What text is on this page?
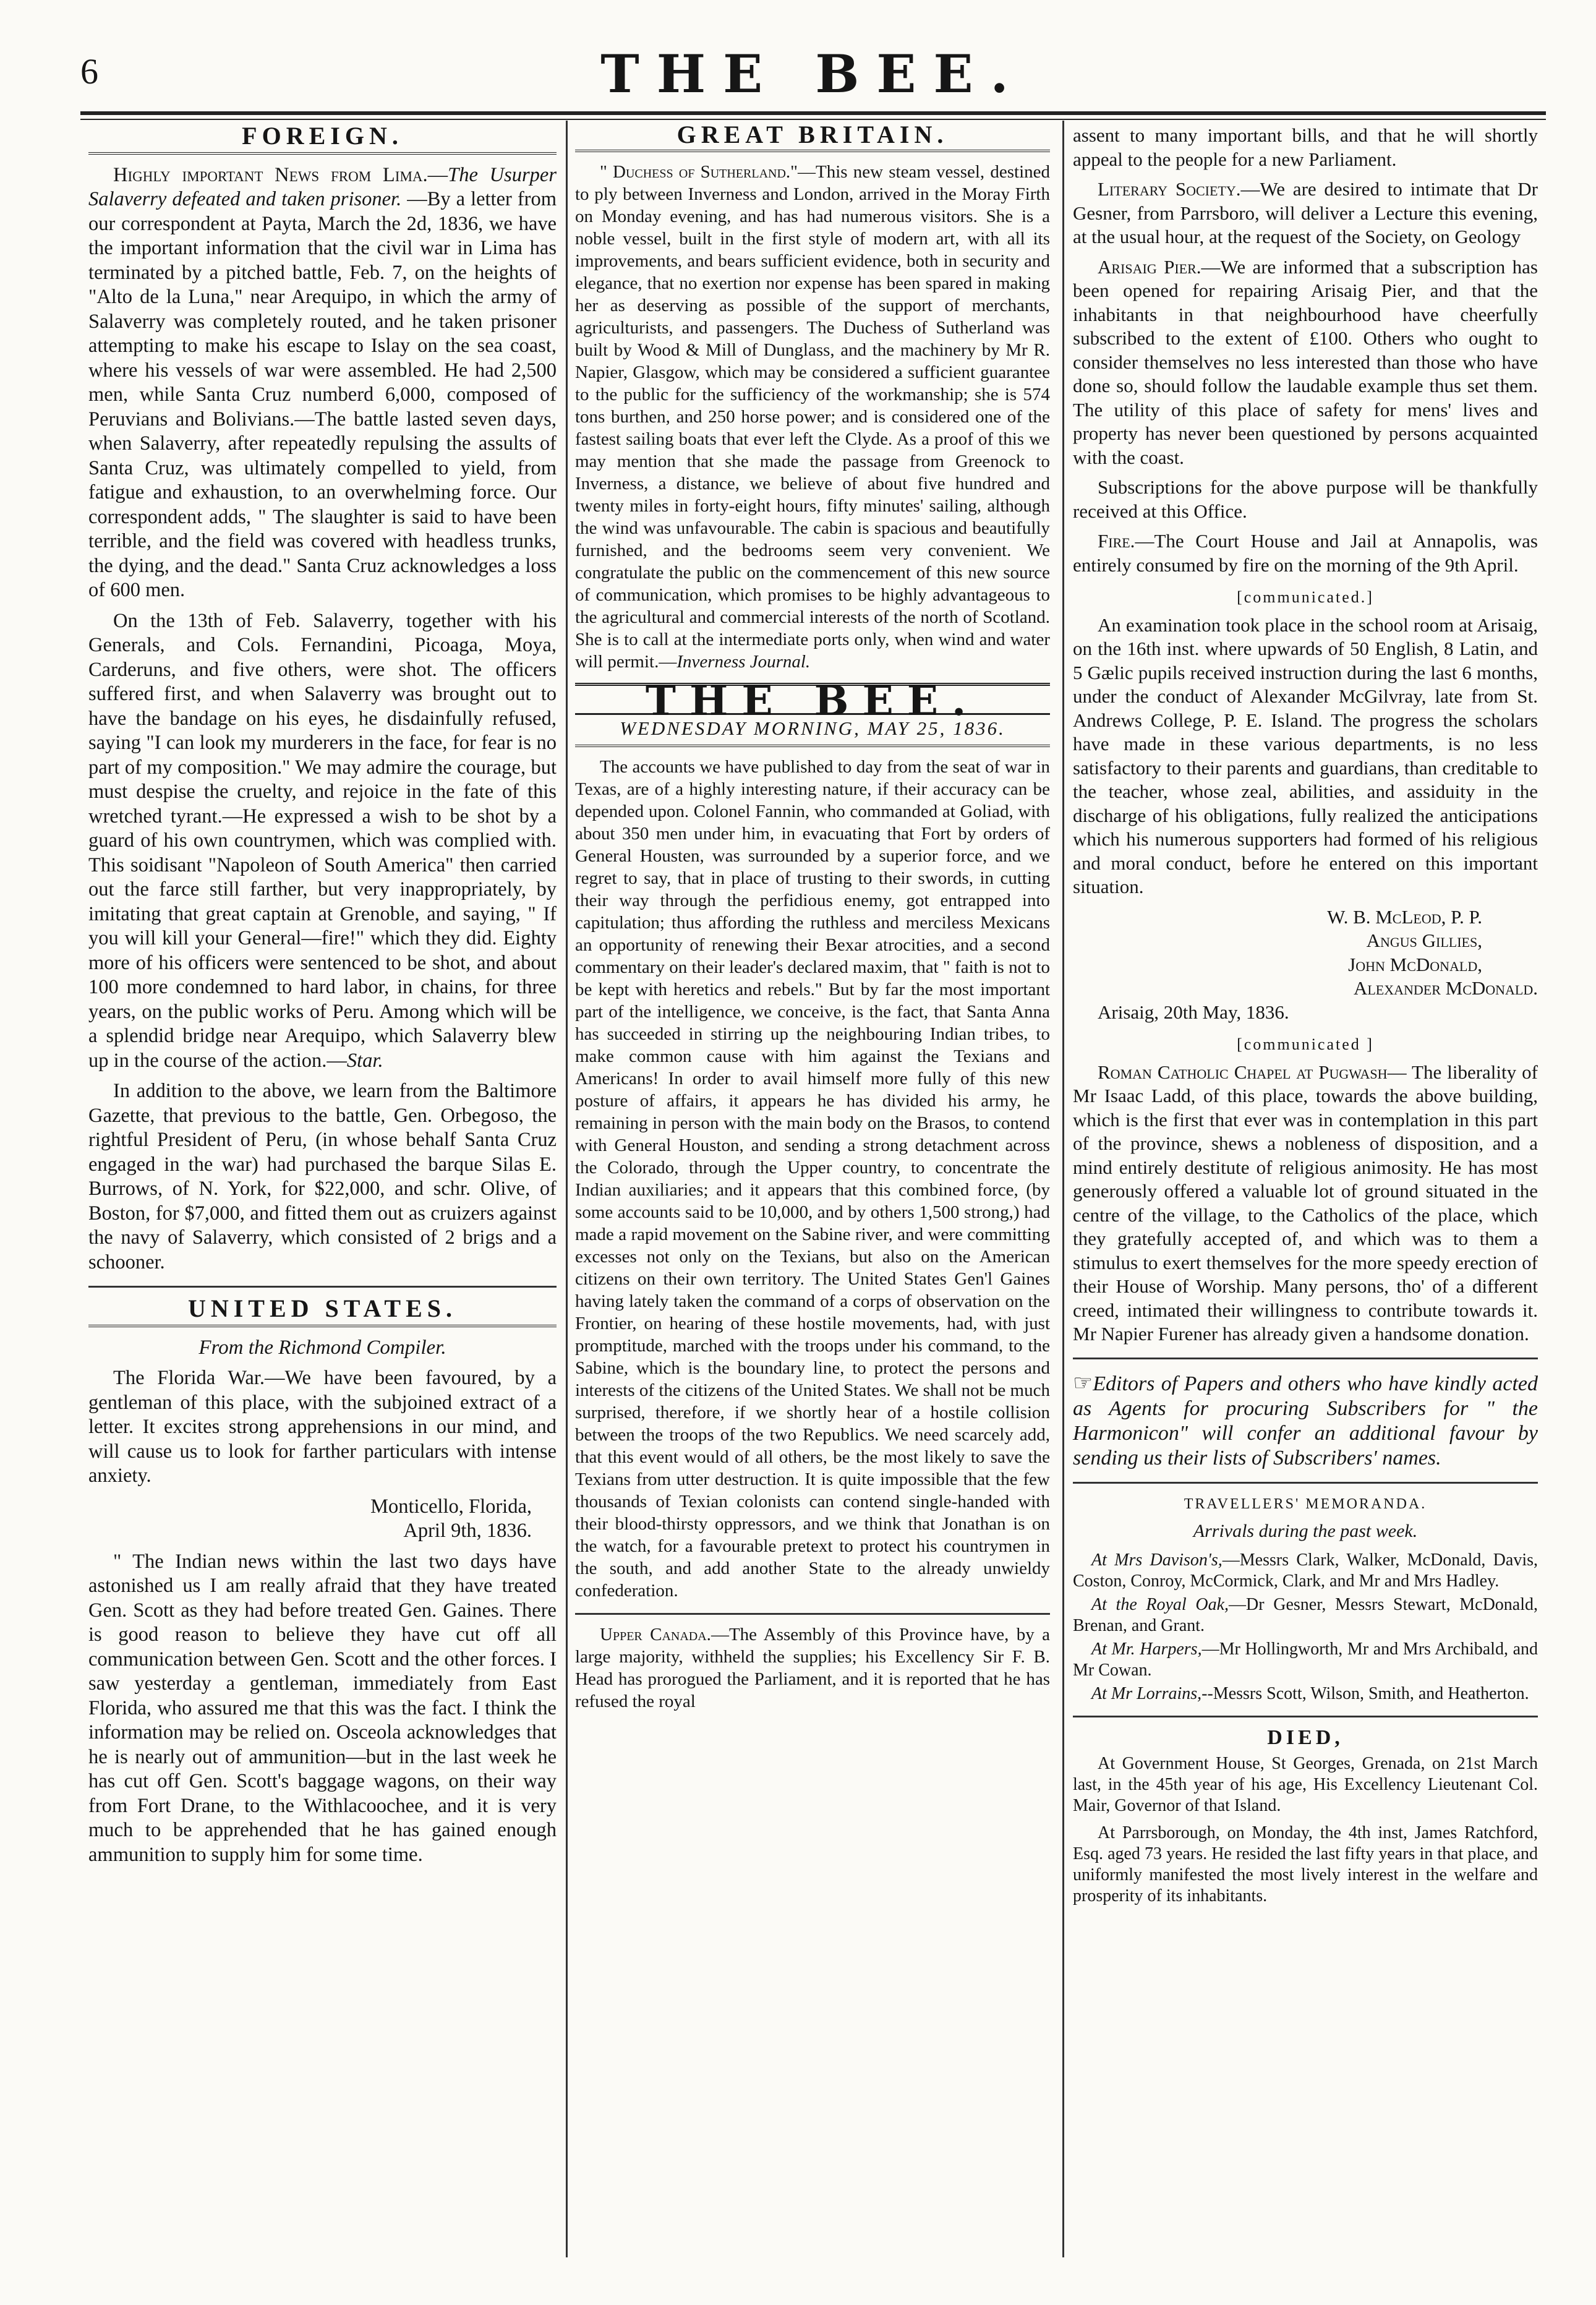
6	THE BEE.
FOREIGN.

Highly important News from Lima.—The Usurper Salaverry defeated and taken prisoner. —By a letter from our correspondent at Payta, March the 2d, 1836, we have the important information that the civil war in Lima has terminated by a pitched battle, Feb. 7, on the heights of "Alto de la Luna," near Arequipo, in which the army of Salaverry was completely routed, and he taken prisoner attempting to make his escape to Islay on the sea coast, where his vessels of war were assembled. He had 2,500 men, while Santa Cruz numberd 6,000, composed of Peruvians and Bolivians.—The battle lasted seven days, when Salaverry, after repeatedly repulsing the assults of Santa Cruz, was ultimately compelled to yield, from fatigue and exhaustion, to an overwhelming force. Our correspondent adds, " The slaughter is said to have been terrible, and the field was covered with headless trunks, the dying, and the dead." Santa Cruz acknowledges a loss of 600 men.

On the 13th of Feb. Salaverry, together with his Generals, and Cols. Fernandini, Picoaga, Moya, Carderuns, and five others, were shot. The officers suffered first, and when Salaverry was brought out to have the bandage on his eyes, he disdainfully refused, saying "I can look my murderers in the face, for fear is no part of my composition." We may admire the courage, but must despise the cruelty, and rejoice in the fate of this wretched tyrant.—He expressed a wish to be shot by a guard of his own countrymen, which was complied with. This soidisant "Napoleon of South America" then carried out the farce still farther, but very inappropriately, by imitating that great captain at Grenoble, and saying, " If you will kill your General—fire!" which they did. Eighty more of his officers were sentenced to be shot, and about 100 more condemned to hard labor, in chains, for three years, on the public works of Peru. Among which will be a splendid bridge near Arequipo, which Salaverry blew up in the course of the action.—Star.

In addition to the above, we learn from the Baltimore Gazette, that previous to the battle, Gen. Orbegoso, the rightful President of Peru, (in whose behalf Santa Cruz engaged in the war) had purchased the barque Silas E. Burrows, of N. York, for $22,000, and schr. Olive, of Boston, for $7,000, and fitted them out as cruizers against the navy of Salaverry, which consisted of 2 brigs and a schooner.

UNITED STATES.
From the Richmond Compiler.

The Florida War.—We have been favoured, by a gentleman of this place, with the subjoined extract of a letter. It excites strong apprehensions in our mind, and will cause us to look for farther particulars with intense anxiety.

Monticello, Florida,

April 9th, 1836.

" The Indian news within the last two days have astonished us I am really afraid that they have treated Gen. Scott as they had before treated Gen. Gaines. There is good reason to believe they have cut off all communication between Gen. Scott and the other forces. I saw yesterday a gentleman, immediately from East Florida, who assured me that this was the fact. I think the information may be relied on. Osceola acknowledges that he is nearly out of ammunition—but in the last week he has cut off Gen. Scott's baggage wagons, on their way from Fort Drane, to the Withlacoochee, and it is very much to be apprehended that he has gained enough ammunition to supply him for some time.

GREAT BRITAIN.

" Duchess of Sutherland."—This new steam vessel, destined to ply between Inverness and London, arrived in the Moray Firth on Monday evening, and has had numerous visitors. She is a noble vessel, built in the first style of modern art, with all its improvements, and bears sufficient evidence, both in security and elegance, that no exertion nor expense has been spared in making her as deserving as possible of the support of merchants, agriculturists, and passengers. The Duchess of Sutherland was built by Wood & Mill of Dunglass, and the machinery by Mr R. Napier, Glasgow, which may be considered a sufficient guarantee to the public for the sufficiency of the workmanship; she is 574 tons burthen, and 250 horse power; and is considered one of the fastest sailing boats that ever left the Clyde. As a proof of this we may mention that she made the passage from Greenock to Inverness, a distance, we believe of about five hundred and twenty miles in forty-eight hours, fifty minutes' sailing, although the wind was unfavourable. The cabin is spacious and beautifully furnished, and the bedrooms seem very convenient. We congratulate the public on the commencement of this new source of communication, which promises to be highly advantageous to the agricultural and commercial interests of the north of Scotland. She is to call at the intermediate ports only, when wind and water will permit.—Inverness Journal.

THE BEE.
WEDNESDAY MORNING, MAY 25, 1836.

The accounts we have published to day from the seat of war in Texas, are of a highly interesting nature, if their accuracy can be depended upon. Colonel Fannin, who commanded at Goliad, with about 350 men under him, in evacuating that Fort by orders of General Housten, was surrounded by a superior force, and we regret to say, that in place of trusting to their swords, in cutting their way through the perfidious enemy, got entrapped into capitulation; thus affording the ruthless and merciless Mexicans an opportunity of renewing their Bexar atrocities, and a second commentary on their leader's declared maxim, that " faith is not to be kept with heretics and rebels." But by far the most important part of the intelligence, we conceive, is the fact, that Santa Anna has succeeded in stirring up the neighbouring Indian tribes, to make common cause with him against the Texians and Americans! In order to avail himself more fully of this new posture of affairs, it appears he has divided his army, he remaining in person with the main body on the Brasos, to contend with General Houston, and sending a strong detachment across the Colorado, through the Upper country, to concentrate the Indian auxiliaries; and it appears that this combined force, (by some accounts said to be 10,000, and by others 1,500 strong,) had made a rapid movement on the Sabine river, and were committing excesses not only on the Texians, but also on the American citizens on their own territory. The United States Gen'l Gaines having lately taken the command of a corps of observation on the Frontier, on hearing of these hostile movements, had, with just promptitude, marched with the troops under his command, to the Sabine, which is the boundary line, to protect the persons and interests of the citizens of the United States. We shall not be much surprised, therefore, if we shortly hear of a hostile collision between the troops of the two Republics. We need scarcely add, that this event would of all others, be the most likely to save the Texians from utter destruction. It is quite impossible that the few thousands of Texian colonists can contend single-handed with their blood-thirsty oppressors, and we think that Jonathan is on the watch, for a favourable pretext to protect his countrymen in the south, and add another State to the already unwieldy confederation.

Upper Canada.—The Assembly of this Province have, by a large majority, withheld the supplies; his Excellency Sir F. B. Head has prorogued the Parliament, and it is reported that he has refused the royal

assent to many important bills, and that he will shortly appeal to the people for a new Parliament.

Literary Society.—We are desired to intimate that Dr Gesner, from Parrsboro, will deliver a Lecture this evening, at the usual hour, at the request of the Society, on Geology

Arisaig Pier.—We are informed that a subscription has been opened for repairing Arisaig Pier, and that the inhabitants in that neighbourhood have cheerfully subscribed to the extent of £100. Others who ought to consider themselves no less interested than those who have done so, should follow the laudable example thus set them. The utility of this place of safety for mens' lives and property has never been questioned by persons acquainted with the coast.

Subscriptions for the above purpose will be thankfully received at this Office.

Fire.—The Court House and Jail at Annapolis, was entirely consumed by fire on the morning of the 9th April.

[communicated.]

An examination took place in the school room at Arisaig, on the 16th inst. where upwards of 50 English, 8 Latin, and 5 Gælic pupils received instruction during the last 6 months, under the conduct of Alexander McGilvray, late from St. Andrews College, P. E. Island. The progress the scholars have made in these various departments, is no less satisfactory to their parents and guardians, than creditable to the teacher, whose zeal, abilities, and assiduity in the discharge of his obligations, fully realized the anticipations which his numerous supporters had formed of his religious and moral conduct, before he entered on this important situation.

W. B. McLeod, P. P.

Angus Gillies,

John McDonald,

Alexander McDonald.

Arisaig, 20th May, 1836.

[communicated ]

Roman Catholic Chapel at Pugwash— The liberality of Mr Isaac Ladd, of this place, towards the above building, which is the first that ever was in contemplation in this part of the province, shews a nobleness of disposition, and a mind entirely destitute of religious animosity. He has most generously offered a valuable lot of ground situated in the centre of the village, to the Catholics of the place, which they gratefully accepted of, and which was to them a stimulus to exert themselves for the more speedy erection of their House of Worship. Many persons, tho' of a different creed, intimated their willingness to contribute towards it. Mr Napier Furener has already given a handsome donation.

☞Editors of Papers and others who have kindly acted as Agents for procuring Subscribers for " the Harmonicon" will confer an additional favour by sending us their lists of Subscribers' names.

TRAVELLERS' MEMORANDA.
Arrivals during the past week.

At Mrs Davison's,—Messrs Clark, Walker, McDonald, Davis, Coston, Conroy, McCormick, Clark, and Mr and Mrs Hadley.

At the Royal Oak,—Dr Gesner, Messrs Stewart, McDonald, Brenan, and Grant.

At Mr. Harpers,—Mr Hollingworth, Mr and Mrs Archibald, and Mr Cowan.

At Mr Lorrains,--Messrs Scott, Wilson, Smith, and Heatherton.

DIED,

At Government House, St Georges, Grenada, on 21st March last, in the 45th year of his age, His Excellency Lieutenant Col. Mair, Governor of that Island.

At Parrsborough, on Monday, the 4th inst, James Ratchford, Esq. aged 73 years. He resided the last fifty years in that place, and uniformly manifested the most lively interest in the welfare and prosperity of its inhabitants.
